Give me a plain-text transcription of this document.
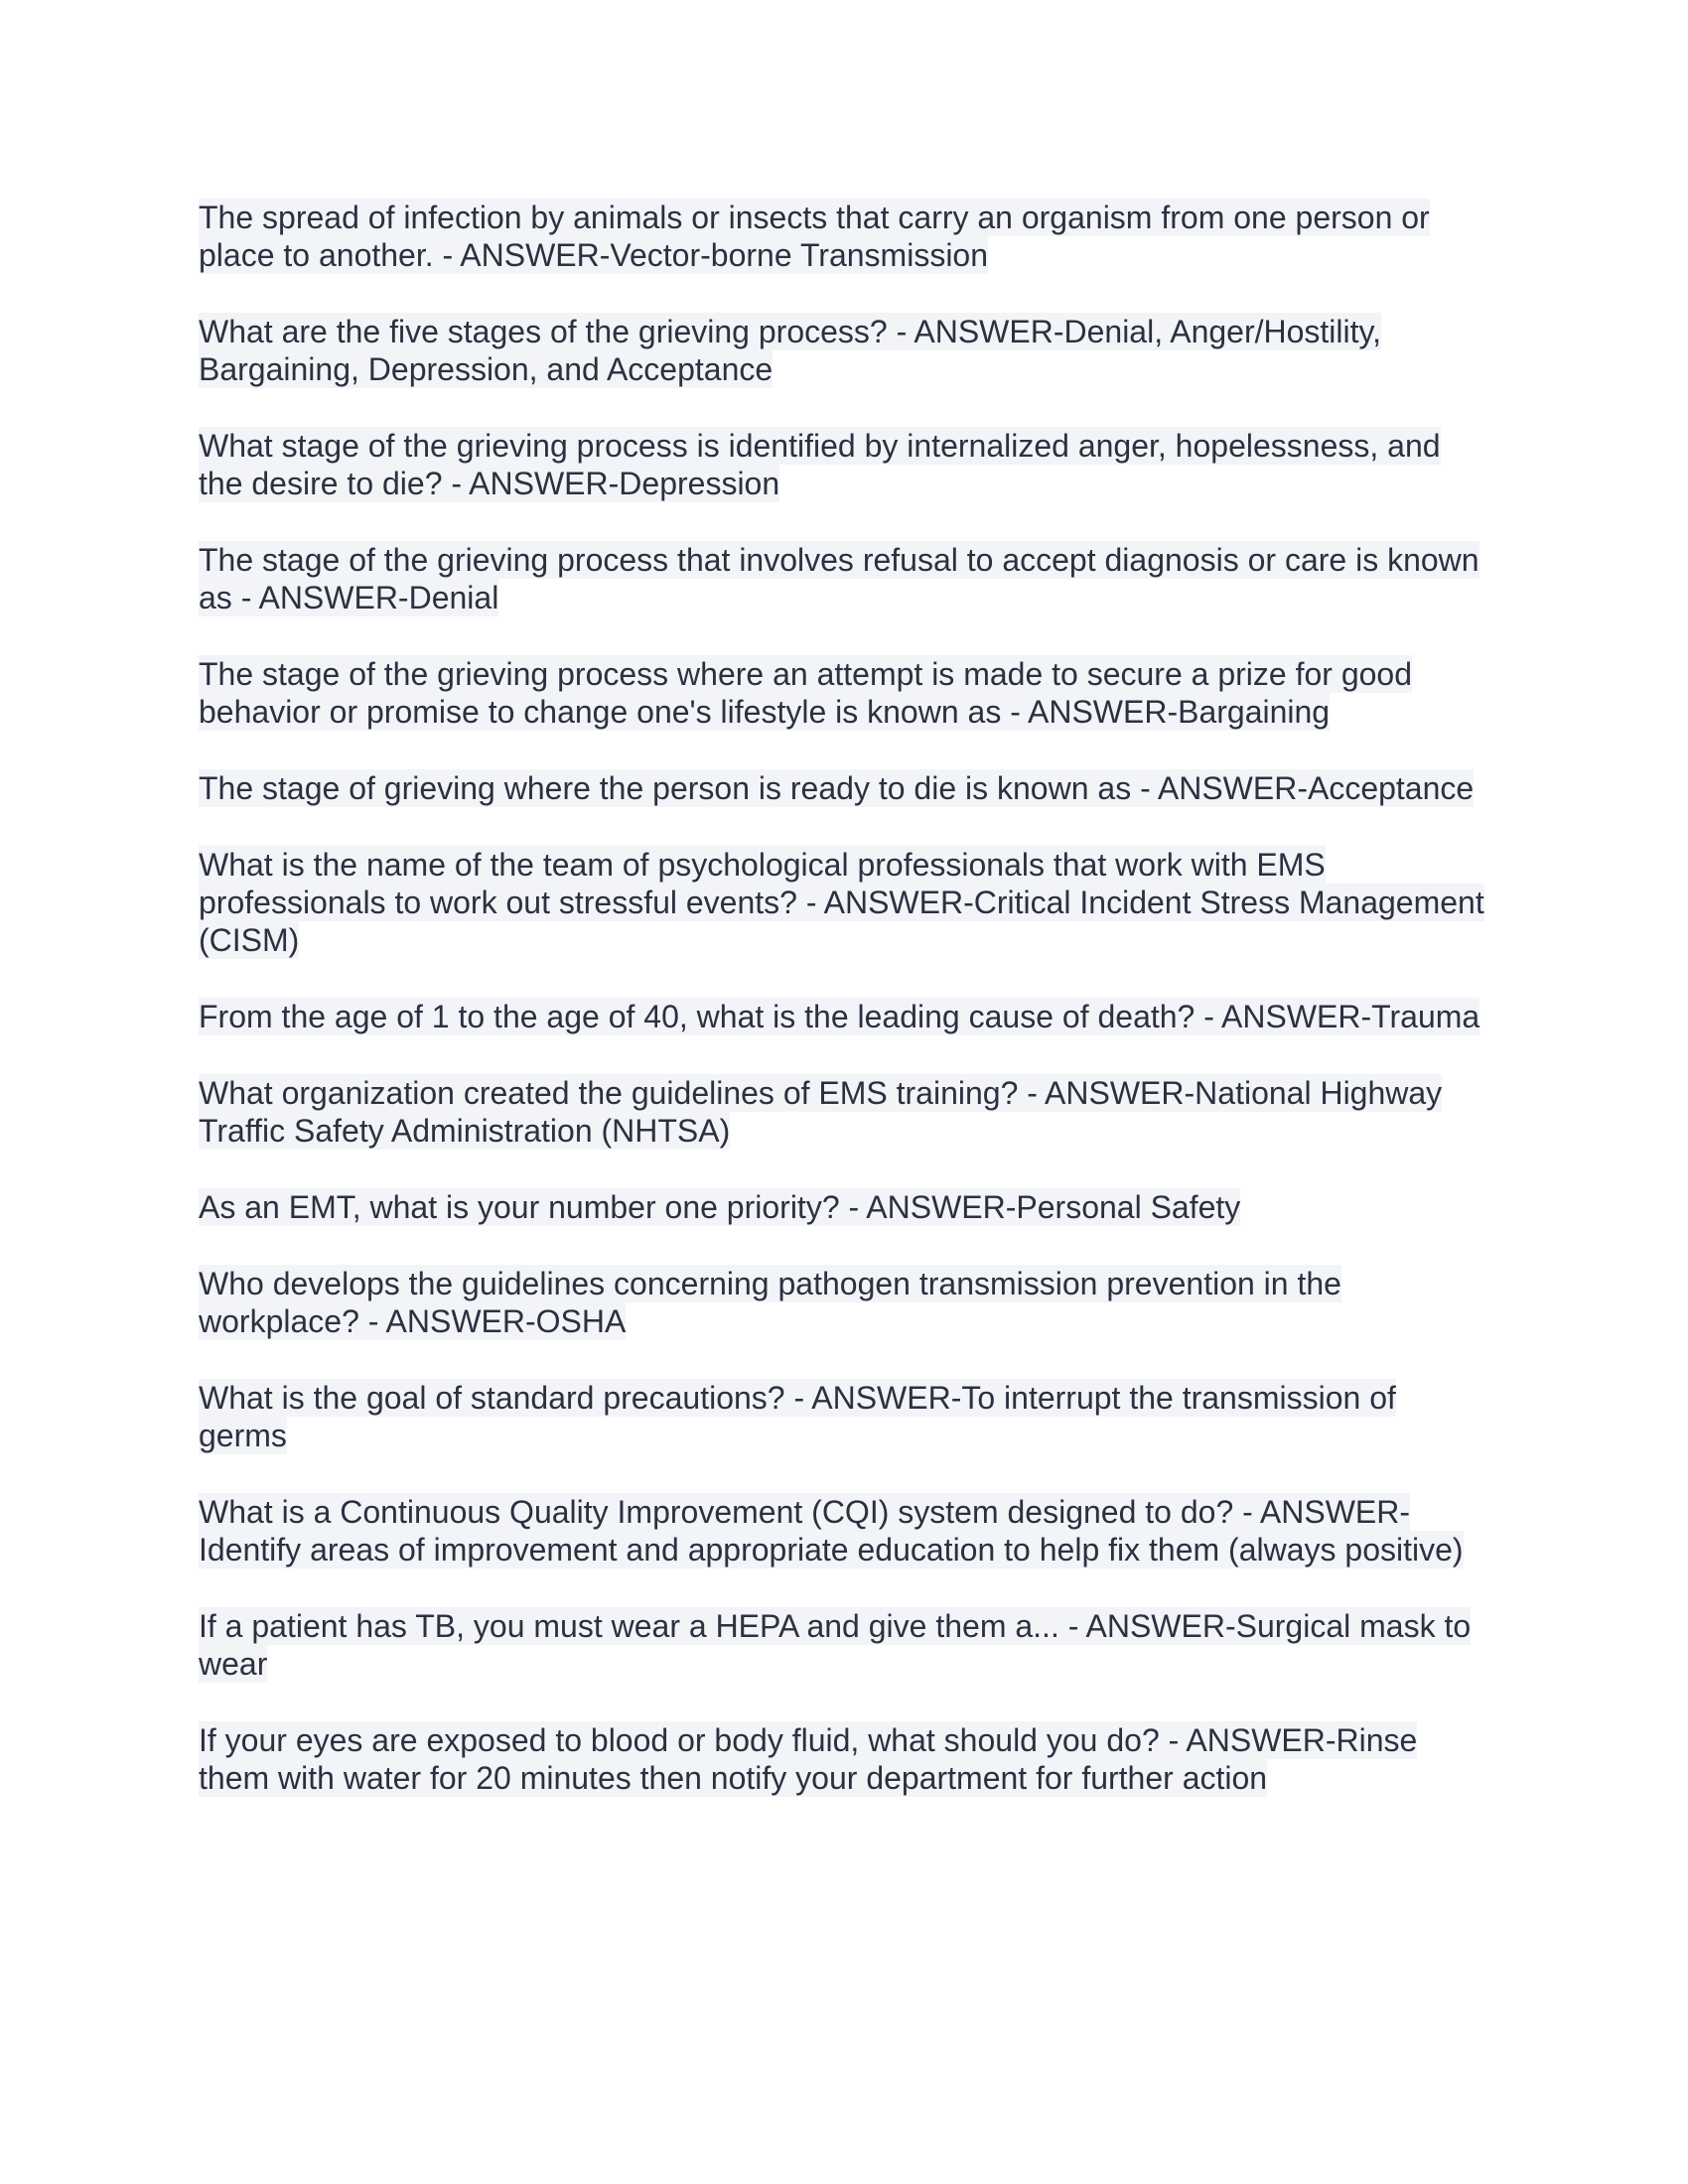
The spread of infection by animals or insects that carry an organism from one person or place to another. - ANSWER-Vector-borne Transmission
What are the five stages of the grieving process? - ANSWER-Denial, Anger/Hostility, Bargaining, Depression, and Acceptance
What stage of the grieving process is identified by internalized anger, hopelessness, and the desire to die? - ANSWER-Depression
The stage of the grieving process that involves refusal to accept diagnosis or care is known as - ANSWER-Denial
The stage of the grieving process where an attempt is made to secure a prize for good behavior or promise to change one's lifestyle is known as - ANSWER-Bargaining
The stage of grieving where the person is ready to die is known as - ANSWER-Acceptance
What is the name of the team of psychological professionals that work with EMS professionals to work out stressful events? - ANSWER-Critical Incident Stress Management (CISM)
From the age of 1 to the age of 40, what is the leading cause of death? - ANSWER-Trauma
What organization created the guidelines of EMS training? - ANSWER-National Highway Traffic Safety Administration (NHTSA)
As an EMT, what is your number one priority? - ANSWER-Personal Safety
Who develops the guidelines concerning pathogen transmission prevention in the workplace? - ANSWER-OSHA
What is the goal of standard precautions? - ANSWER-To interrupt the transmission of germs
What is a Continuous Quality Improvement (CQI) system designed to do? - ANSWER-Identify areas of improvement and appropriate education to help fix them (always positive)
If a patient has TB, you must wear a HEPA and give them a... - ANSWER-Surgical mask to wear
If your eyes are exposed to blood or body fluid, what should you do? - ANSWER-Rinse them with water for 20 minutes then notify your department for further action
